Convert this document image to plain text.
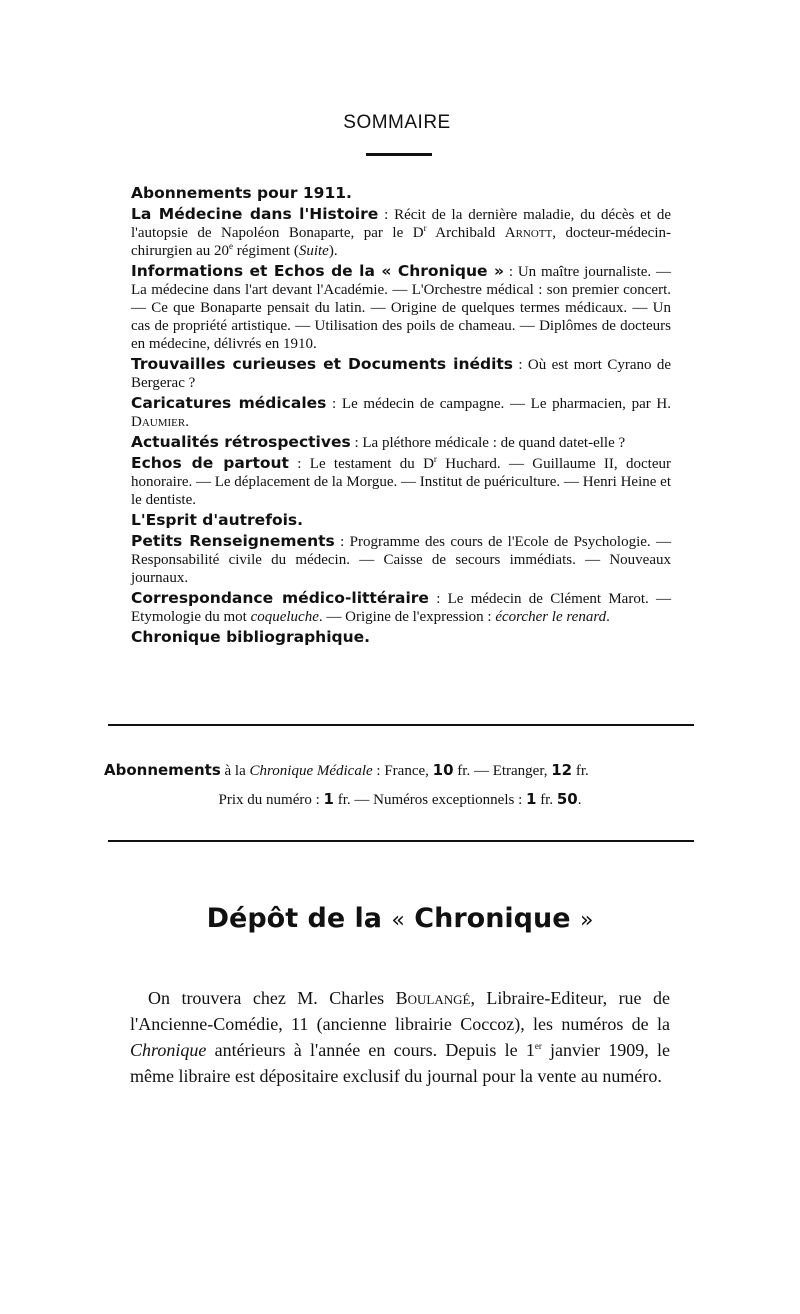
SOMMAIRE
Abonnements pour 1911.
La Médecine dans l'Histoire : Récit de la dernière maladie, du décès et de l'autopsie de Napoléon Bonaparte, par le $D^r$ Archibald Arnott, docteur-médecin-chirurgien au 20e régiment (Suite).
Informations et Echos de la « Chronique » : Un maître journaliste. — La médecine dans l'art devant l'Académie. — L'Orchestre médical : son premier concert. — Ce que Bonaparte pensait du latin. — Origine de quelques termes médicaux. — Un cas de propriété artistique. — Utilisation des poils de chameau. — Diplômes de docteurs en médecine, délivrés en 1910.
Trouvailles curieuses et Documents inédits : Où est mort Cyrano de Bergerac ?
Caricatures médicales : Le médecin de campagne. — Le pharmacien, par H. Daumier.
Actualités rétrospectives : La pléthore médicale : de quand datet-elle ?
Echos de partout : Le testament du $D^r$ Huchard. — Guillaume II, docteur honoraire. — Le déplacement de la Morgue. — Institut de puériculture. — Henri Heine et le dentiste.
L'Esprit d'autrefois.
Petits Renseignements : Programme des cours de l'Ecole de Psychologie. — Responsabilité civile du médecin. — Caisse de secours immédiats. — Nouveaux journaux.
Correspondance médico-littéraire : Le médecin de Clément Marot. — Etymologie du mot coqueluche. — Origine de l'expression : écorcher le renard.
Chronique bibliographique.
Abonnements à la Chronique Médicale : France, 10 fr. — Etranger, 12 fr.
Prix du numéro : 1 fr. — Numéros exceptionnels : 1 fr. 50.
Dépôt de la « Chronique »
On trouvera chez M. Charles Boulangé, Libraire-Editeur, rue de l'Ancienne-Comédie, 11 (ancienne librairie Coccoz), les numéros de la Chronique antérieurs à l'année en cours. Depuis le 1er janvier 1909, le même libraire est dépositaire exclusif du journal pour la vente au numéro.
